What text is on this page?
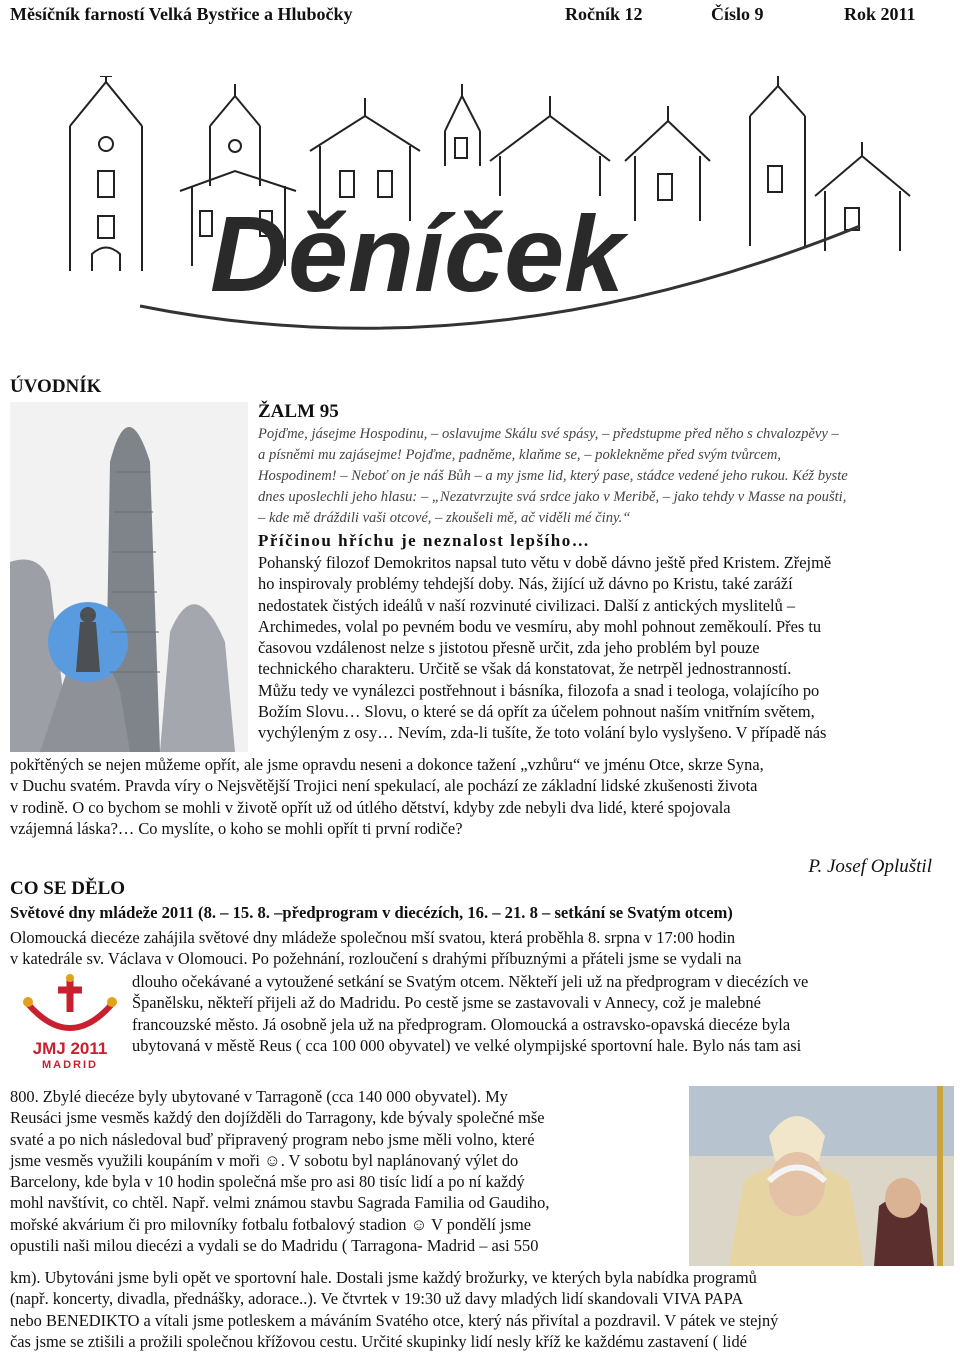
Měsíčník farností Velká Bystřice a Hlubočky	Ročník 12	Číslo 9	Rok 2011
Děníček
ÚVODNÍK
ŽALM 95

Pojďme, jásejme Hospodinu, – oslavujme Skálu své spásy, – předstupme před něho s chvalozpěvy –

a písněmi mu zajásejme! Pojďme, padněme, klaňme se, – poklekněme před svým tvůrcem,

Hospodinem! – Neboť on je náš Bůh – a my jsme lid, který pase, stádce vedené jeho rukou. Kéž byste

dnes uposlechli jeho hlasu: – „Nezatvrzujte svá srdce jako v Meribě, – jako tehdy v Masse na poušti,

– kde mě dráždili vaši otcové, – zkoušeli mě, ač viděli mé činy.“

Příčinou hříchu je neznalost lepšího…

Pohanský filozof Demokritos napsal tuto větu v době dávno ještě před Kristem. Zřejmě

ho inspirovaly problémy tehdejší doby. Nás, žijící už dávno po Kristu, také zaráží

nedostatek čistých ideálů v naší rozvinuté civilizaci. Další z antických myslitelů –

Archimedes, volal po pevném bodu ve vesmíru, aby mohl pohnout zeměkoulí. Přes tu

časovou vzdálenost nelze s jistotou přesně určit, zda jeho problém byl pouze

technického charakteru. Určitě se však dá konstatovat, že netrpěl jednostranností.

Můžu tedy ve vynálezci postřehnout i básníka, filozofa a snad i teologa, volajícího po

Božím Slovu… Slovu, o které se dá opřít za účelem pohnout naším vnitřním světem,

vychýleným z osy… Nevím, zda-li tušíte, že toto volání bylo vyslyšeno. V případě nás

pokřtěných se nejen můžeme opřít, ale jsme opravdu neseni a dokonce tažení „vzhůru“ ve jménu Otce, skrze Syna,

v Duchu svatém. Pravda víry o Nejsvětější Trojici není spekulací, ale pochází ze základní lidské zkušenosti života

v rodině. O co bychom se mohli v životě opřít už od útlého dětství, kdyby zde nebyli dva lidé, které spojovala

vzájemná láska?… Co myslíte, o koho se mohli opřít ti první rodiče?

P. Josef Opluštil
CO SE DĚLO
Světové dny mládeže 2011 (8. – 15. 8. –předprogram v diecézích, 16. – 21. 8 – setkání se Svatým otcem)

Olomoucká diecéze zahájila světové dny mládeže společnou mší svatou, která proběhla 8. srpna v 17:00 hodin

v katedrále sv. Václava v Olomouci. Po požehnání, rozloučení s drahými příbuznými a přáteli jsme se vydali na

JMJ 2011
MADRID

dlouho očekávané a vytoužené setkání se Svatým otcem. Někteří jeli už na předprogram v diecézích ve

Španělsku, někteří přijeli až do Madridu. Po cestě jsme se zastavovali v Annecy, což je malebné

francouzské město. Já osobně jela už na předprogram. Olomoucká a ostravsko-opavská diecéze byla

ubytovaná v městě Reus ( cca 100 000 obyvatel) ve velké olympijské sportovní hale. Bylo nás tam asi

800. Zbylé diecéze byly ubytované v Tarragoně (cca 140 000 obyvatel). My

Reusáci jsme vesměs každý den dojížděli do Tarragony, kde bývaly společné mše

svaté a po nich následoval buď připravený program nebo jsme měli volno, které

jsme vesměs využili koupáním v moři ☺. V sobotu byl naplánovaný výlet do

Barcelony, kde byla v 10 hodin společná mše pro asi 80 tisíc lidí a po ní každý

mohl navštívit, co chtěl. Např. velmi známou stavbu Sagrada Familia od Gaudiho,

mořské akvárium či pro milovníky fotbalu fotbalový stadion ☺ V pondělí jsme

opustili naši milou diecézi a vydali se do Madridu ( Tarragona- Madrid – asi 550

km). Ubytováni jsme byli opět ve sportovní hale. Dostali jsme každý brožurky, ve kterých byla nabídka programů

(např. koncerty, divadla, přednášky, adorace..). Ve čtvrtek v 19:30 už davy mladých lidí skandovali VIVA PAPA

nebo BENEDIKTO a vítali jsme potleskem a máváním Svatého otce, který nás přivítal a pozdravil. V pátek ve stejný

čas jsme se ztišili a prožili společnou křížovou cestu. Určité skupinky lidí nesly kříž ke každému zastavení ( lidé
